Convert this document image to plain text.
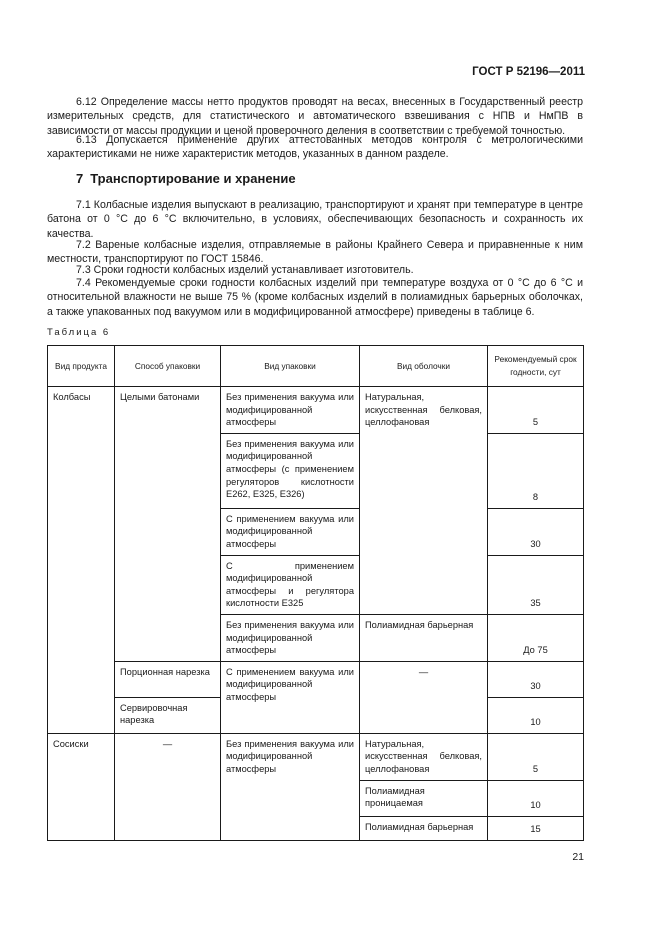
ГОСТ Р 52196—2011

6.12 Определение массы нетто продуктов проводят на весах, внесенных в Государственный реестр измерительных средств, для статистического и автоматического взвешивания с НПВ и НмПВ в зависимости от массы продукции и ценой проверочного деления в соответствии с требуемой точностью.

6.13 Допускается применение других аттестованных методов контроля с метрологическими характеристиками не ниже характеристик методов, указанных в данном разделе.

7 Транспортирование и хранение

7.1 Колбасные изделия выпускают в реализацию, транспортируют и хранят при температуре в центре батона от 0 °С до 6 °С включительно, в условиях, обеспечивающих безопасность и сохранность их качества.

7.2 Вареные колбасные изделия, отправляемые в районы Крайнего Севера и приравненные к ним местности, транспортируют по ГОСТ 15846.

7.3 Сроки годности колбасных изделий устанавливает изготовитель.

7.4 Рекомендуемые сроки годности колбасных изделий при температуре воздуха от 0 °С до 6 °С и относительной влажности не выше 75 % (кроме колбасных изделий в полиамидных барьерных оболочках, а также упакованных под вакуумом или в модифицированной атмосфере) приведены в таблице 6.

Таблица 6
Вид продукта	Способ упаковки	Вид упаковки	Вид оболочки	Рекомендуемый срок годности, сут
Колбасы	Целыми батонами	Без применения вакуума или модифицированной атмосферы	Натуральная, искусственная белковая, целлофановая	5
		Без применения вакуума или модифицированной атмосферы (с применением регуляторов кислотности Е262, Е325, Е326)		8
		С применением вакуума или модифицированной атмосферы		30
		С применением модифицированной атмосферы и регулятора кислотности Е325		35
		Без применения вакуума или модифицированной атмосферы	Полиамидная барьерная	До 75
	Порционная нарезка	С применением вакуума или модифицированной атмосферы	—	30
	Сервировочная нарезка			10
Сосиски	—	Без применения вакуума или модифицированной атмосферы	Натуральная, искусственная белковая, целлофановая	5
			Полиамидная проницаемая	10
			Полиамидная барьерная	15
21
